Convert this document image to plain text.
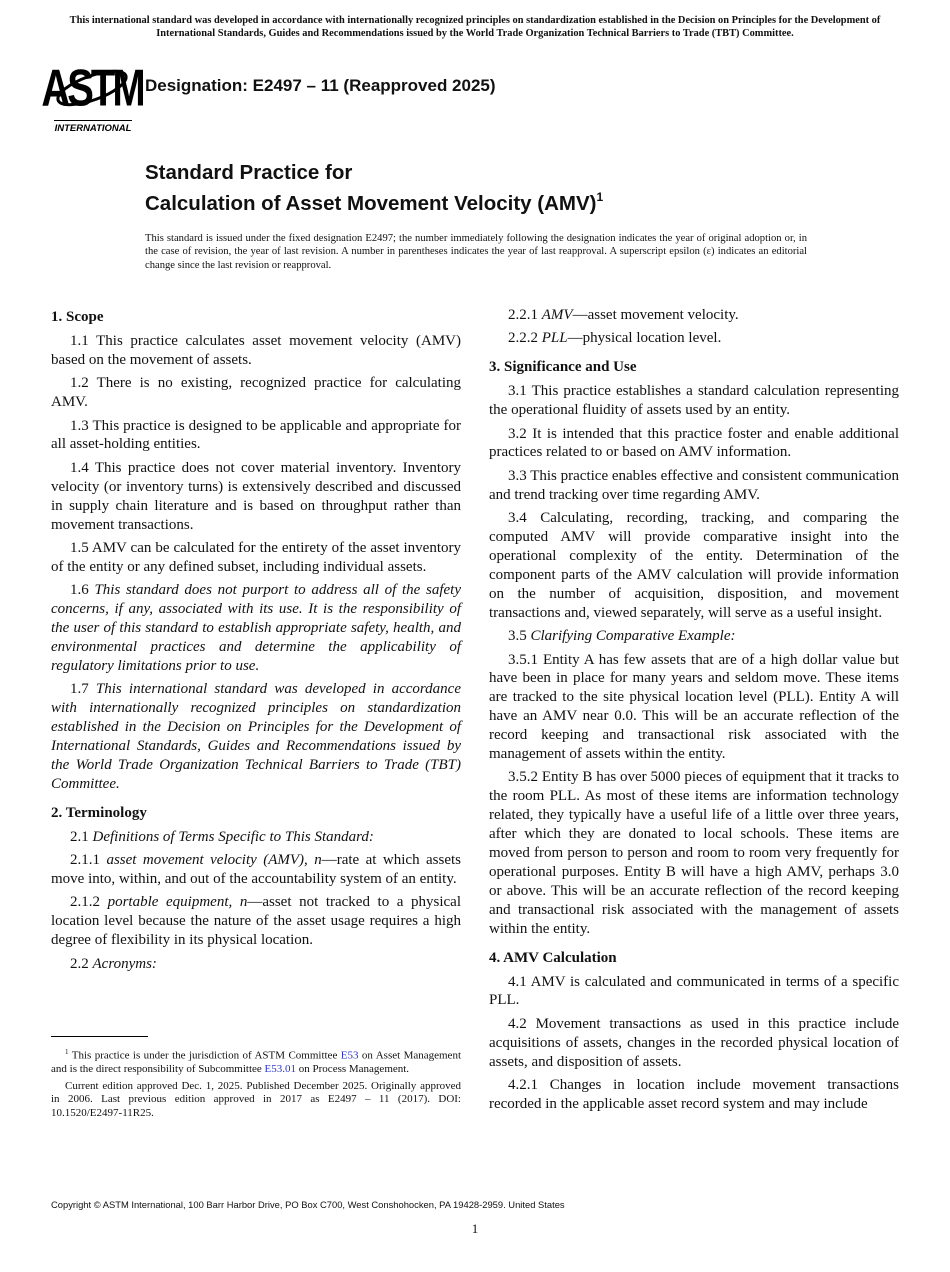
This international standard was developed in accordance with internationally recognized principles on standardization established in the Decision on Principles for the Development of International Standards, Guides and Recommendations issued by the World Trade Organization Technical Barriers to Trade (TBT) Committee.
ASTM
INTERNATIONAL
Designation: E2497 – 11 (Reapproved 2025)
Standard Practice for
Calculation of Asset Movement Velocity (AMV)$^1$
This standard is issued under the fixed designation E2497; the number immediately following the designation indicates the year of original adoption or, in the case of revision, the year of last revision. A number in parentheses indicates the year of last reapproval. A superscript epsilon (ε) indicates an editorial change since the last revision or reapproval.
1. Scope

1.1 This practice calculates asset movement velocity (AMV) based on the movement of assets.

1.2 There is no existing, recognized practice for calculating AMV.

1.3 This practice is designed to be applicable and appropriate for all asset-holding entities.

1.4 This practice does not cover material inventory. Inventory velocity (or inventory turns) is extensively described and discussed in supply chain literature and is based on throughput rather than movement transactions.

1.5 AMV can be calculated for the entirety of the asset inventory of the entity or any defined subset, including individual assets.

1.6 This standard does not purport to address all of the safety concerns, if any, associated with its use. It is the responsibility of the user of this standard to establish appropriate safety, health, and environmental practices and determine the applicability of regulatory limitations prior to use.

1.7 This international standard was developed in accordance with internationally recognized principles on standardization established in the Decision on Principles for the Development of International Standards, Guides and Recommendations issued by the World Trade Organization Technical Barriers to Trade (TBT) Committee.

2. Terminology

2.1 Definitions of Terms Specific to This Standard:

2.1.1 asset movement velocity (AMV), n—rate at which assets move into, within, and out of the accountability system of an entity.

2.1.2 portable equipment, n—asset not tracked to a physical location level because the nature of the asset usage requires a high degree of flexibility in its physical location.

2.2 Acronyms:

2.2.1 AMV—asset movement velocity.

2.2.2 PLL—physical location level.

3. Significance and Use

3.1 This practice establishes a standard calculation representing the operational fluidity of assets used by an entity.

3.2 It is intended that this practice foster and enable additional practices related to or based on AMV information.

3.3 This practice enables effective and consistent communication and trend tracking over time regarding AMV.

3.4 Calculating, recording, tracking, and comparing the computed AMV will provide comparative insight into the operational complexity of the entity. Determination of the component parts of the AMV calculation will provide information on the number of acquisition, disposition, and movement transactions and, viewed separately, will serve as a useful insight.

3.5 Clarifying Comparative Example:

3.5.1 Entity A has few assets that are of a high dollar value but have been in place for many years and seldom move. These items are tracked to the site physical location level (PLL). Entity A will have an AMV near 0.0. This will be an accurate reflection of the record keeping and transactional risk associated with the management of assets within the entity.

3.5.2 Entity B has over 5000 pieces of equipment that it tracks to the room PLL. As most of these items are information technology related, they typically have a useful life of a little over three years, after which they are donated to local schools. These items are moved from person to person and room to room very frequently for operational purposes. Entity B will have a high AMV, perhaps 3.0 or above. This will be an accurate reflection of the record keeping and transactional risk associated with the management of assets within the entity.

4. AMV Calculation

4.1 AMV is calculated and communicated in terms of a specific PLL.

4.2 Movement transactions as used in this practice include acquisitions of assets, changes in the recorded physical location of assets, and disposition of assets.

4.2.1 Changes in location include movement transactions recorded in the applicable asset record system and may include

$^1$ This practice is under the jurisdiction of ASTM Committee E53 on Asset Management and is the direct responsibility of Subcommittee E53.01 on Process Management.

Current edition approved Dec. 1, 2025. Published December 2025. Originally approved in 2006. Last previous edition approved in 2017 as E2497 – 11 (2017). DOI: 10.1520/E2497-11R25.

Copyright © ASTM International, 100 Barr Harbor Drive, PO Box C700, West Conshohocken, PA 19428-2959. United States
1
